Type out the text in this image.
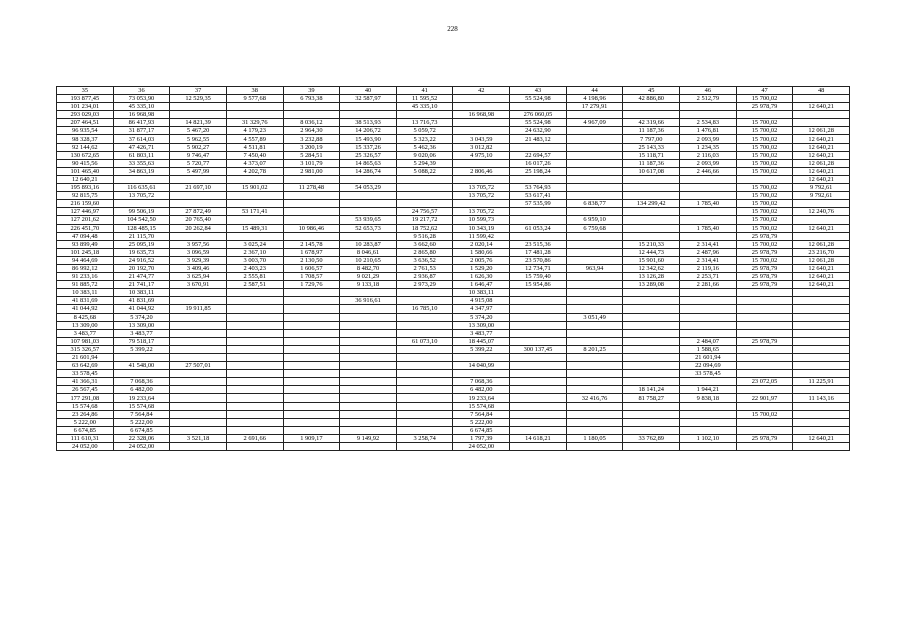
228
35	36	37	38	39	40	41	42	43	44	45	46	47	48
193 877,45	73 053,90	12 529,35	9 577,68	6 793,38	32 587,97	11 595,52		55 524,98	4 198,96	42 886,80	2 512,79	15 700,02	
101 234,01	45 335,10					45 335,10			17 279,91			25 978,79	12 640,21
293 029,03	16 968,98						16 968,98	276 060,05					
207 464,51	86 417,93	14 821,39	31 329,76	8 036,12	38 513,93	13 716,73		55 524,98	4 967,09	42 319,66	2 534,83	15 700,02	
96 935,54	31 877,17	5 467,20	4 179,23	2 964,30	14 206,72	5 059,72		24 632,90		11 187,36	1 476,81	15 700,02	12 061,28
98 328,37	37 614,03	5 962,55	4 557,89	3 232,88	15 493,90	5 323,22	3 043,59	21 483,12		7 797,00	2 093,99	15 700,02	12 640,21
92 144,62	47 426,71	5 902,27	4 511,81	3 200,19	15 337,26	5 462,36	3 012,82			25 143,33	1 234,35	15 700,02	12 640,21
130 672,65	61 803,11	9 746,47	7 450,40	5 284,51	25 326,57	9 020,06	4 975,10	22 694,57		15 118,71	2 116,03	15 700,02	12 640,21
90 415,56	33 355,63	5 720,77	4 373,07	3 101,79	14 865,63	5 294,39		16 017,26		11 187,36	2 093,99	15 700,02	12 061,28
101 465,40	34 863,19	5 497,99	4 202,78	2 981,00	14 286,74	5 088,22	2 806,46	25 198,24		10 617,08	2 446,66	15 700,02	12 640,21
12 640,21													12 640,21
195 893,16	116 635,61	21 697,10	15 901,02	11 278,48	54 053,29		13 705,72	53 764,93				15 700,02	9 792,61
92 815,75	13 705,72						13 705,72	53 617,41				15 700,02	9 792,61
216 159,60								57 535,99	6 838,77	134 299,42	1 785,40	15 700,02	
127 446,97	99 506,19	27 872,49	53 171,41			24 756,57	13 705,72					15 700,02	12 240,76
127 201,62	104 542,50	20 765,40			53 939,65	19 217,72	10 599,73		6 959,10			15 700,02	
226 451,70	128 485,15	20 262,84	15 489,31	10 986,46	52 653,73	18 752,62	10 343,19	61 053,24	6 759,68		1 785,40	15 700,02	12 640,21
47 094,48	21 115,70					9 516,28	11 599,42					25 978,79	
93 899,49	25 095,19	3 957,56	3 025,24	2 145,78	10 283,87	3 662,60	2 020,14	23 515,36		15 210,33	2 314,41	15 700,02	12 061,28
101 245,18	19 635,73	3 096,59	2 367,10	1 678,97	8 046,61	2 865,80	1 580,66	17 481,28		12 444,73	2 487,96	25 978,79	23 216,70
94 464,69	24 916,52	3 929,39	3 003,70	2 130,50	10 210,65	3 636,52	2 005,76	23 570,86		15 901,60	2 314,41	15 700,02	12 061,28
86 992,12	20 192,70	3 409,46	2 403,23	1 606,57	8 482,70	2 761,53	1 529,20	12 734,71	963,94	12 342,62	2 119,16	25 978,79	12 640,21
91 233,16	21 474,77	3 625,94	2 555,81	1 708,57	9 021,29	2 936,87	1 626,30	15 759,40		13 126,28	2 253,71	25 978,79	12 640,21
91 885,72	21 741,17	3 670,91	2 587,51	1 729,76	9 133,18	2 973,29	1 646,47	15 954,86		13 289,08	2 281,66	25 978,79	12 640,21
10 383,11	10 383,11						10 383,11						
41 831,69	41 831,69				36 916,61		4 915,08						
41 044,92	41 044,92	19 911,85				16 785,10	4 347,97						
8 425,68	5 374,20						5 374,20		3 051,49				
13 309,00	13 309,00						13 309,00						
3 483,77	3 483,77						3 483,77						
107 981,03	79 518,17					61 073,10	18 445,07				2 484,07	25 978,79	
315 326,57	5 399,22						5 399,22	300 137,45	8 201,25		1 588,65		
21 601,94											21 601,94		
63 642,69	41 548,00	27 507,01					14 040,99				22 094,69		
33 578,45											33 578,45		
41 366,31	7 068,36						7 068,36					23 072,05	11 225,91
26 567,45	6 482,00						6 482,00			18 141,24	1 944,21		
177 291,08	19 233,64						19 233,64		32 416,76	81 758,27	9 838,18	22 901,97	11 143,16
15 574,68	15 574,68						15 574,68						
23 264,86	7 564,84						7 564,84					15 700,02	
5 222,00	5 222,00						5 222,00						
6 674,85	6 674,85						6 674,85						
111 610,31	22 328,06	3 521,18	2 691,66	1 909,17	9 149,92	3 258,74	1 797,39	14 618,21	1 180,05	33 762,89	1 102,10	25 978,79	12 640,21
24 052,00	24 052,00						24 052,00						
